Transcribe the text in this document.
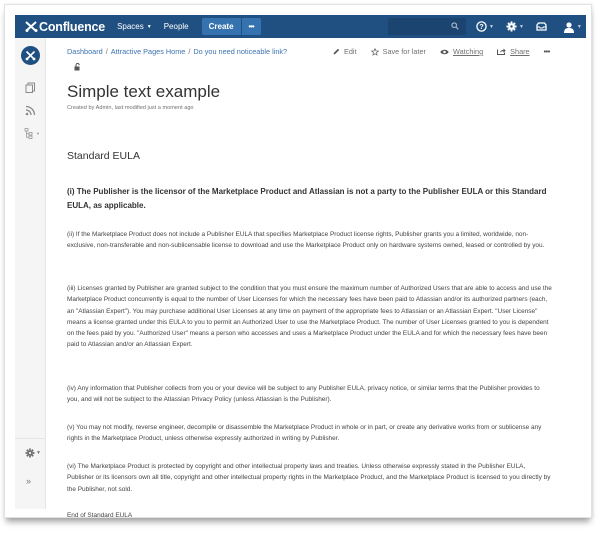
Confluence Spaces ▼ People	Create	•••	? ▼	▼	▼
▼
▼
»
Dashboard / Attractive Pages Home / Do you need noticeable link?	Edit	Save for later	Watching	Share •••
Simple text example
Created by Admin, last modified just a moment ago
Standard EULA
(i) The Publisher is the licensor of the Marketplace Product and Atlassian is not a party to the Publisher EULA or this Standard EULA, as applicable.
(ii) If the Marketplace Product does not include a Publisher EULA that specifies Marketplace Product license rights, Publisher grants you a limited, worldwide, non-exclusive, non-transferable and non-sublicensable license to download and use the Marketplace Product only on hardware systems owned, leased or controlled by you.
(iii) Licenses granted by Publisher are granted subject to the condition that you must ensure the maximum number of Authorized Users that are able to access and use the Marketplace Product concurrently is equal to the number of User Licenses for which the necessary fees have been paid to Atlassian and/or its authorized partners (each, an "Atlassian Expert"). You may purchase additional User Licenses at any time on payment of the appropriate fees to Atlassian or an Atlassian Expert. "User License" means a license granted under this EULA to you to permit an Authorized User to use the Marketplace Product. The number of User Licenses granted to you is dependent on the fees paid by you. "Authorized User" means a person who accesses and uses a Marketplace Product under the EULA and for which the necessary fees have been paid to Atlassian and/or an Atlassian Expert.
(iv) Any information that Publisher collects from you or your device will be subject to any Publisher EULA, privacy notice, or similar terms that the Publisher provides to you, and will not be subject to the Atlassian Privacy Policy (unless Atlassian is the Publisher).
(v) You may not modify, reverse engineer, decompile or disassemble the Marketplace Product in whole or in part, or create any derivative works from or sublicense any rights in the Marketplace Product, unless otherwise expressly authorized in writing by Publisher.
(vi) The Marketplace Product is protected by copyright and other intellectual property laws and treaties. Unless otherwise expressly stated in the Publisher EULA, Publisher or its licensors own all title, copyright and other intellectual property rights in the Marketplace Product, and the Marketplace Product is licensed to you directly by the Publisher, not sold.
End of Standard EULA
